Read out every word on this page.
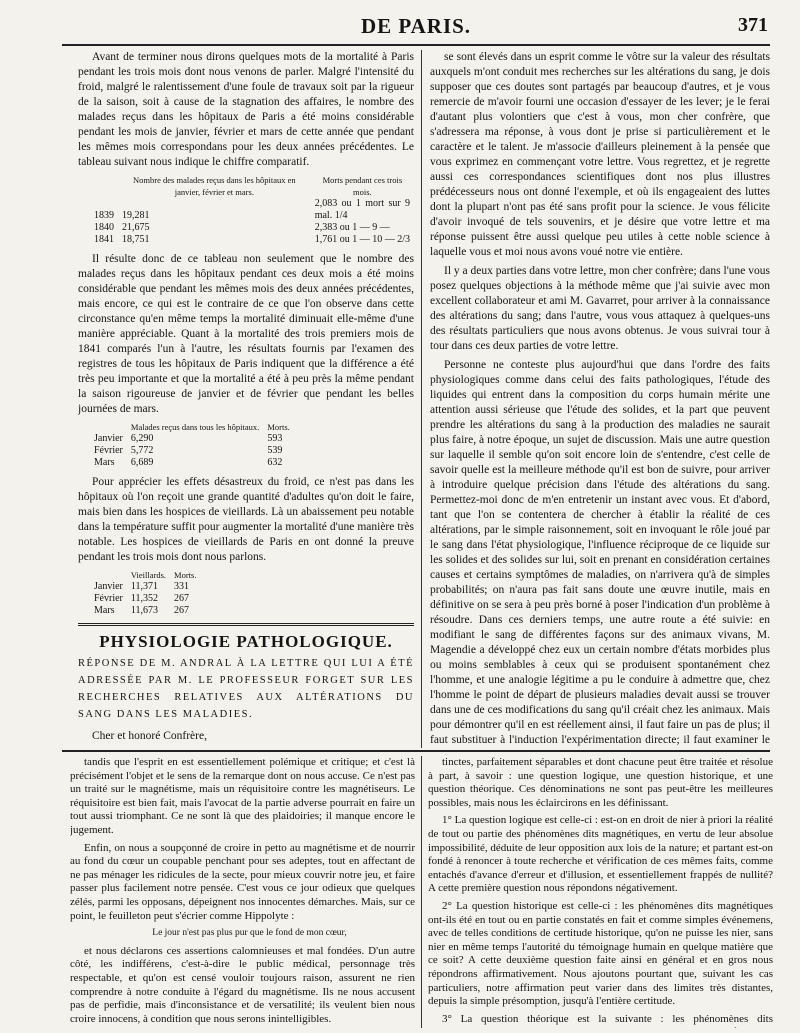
DE PARIS.	371

Avant de terminer nous dirons quelques mots de la mortalité à Paris pendant les trois mois dont nous venons de parler. Malgré l'intensité du froid, malgré le ralentissement d'une foule de travaux soit par la rigueur de la saison, soit à cause de la stagnation des affaires, le nombre des malades reçus dans les hôpitaux de Paris a été moins considérable pendant les mois de janvier, février et mars de cette année que pendant les mêmes mois correspondans pour les deux années précédentes. Le tableau suivant nous indique le chiffre comparatif.

	Nombre des malades reçus dans les hôpitaux en janvier, février et mars.	Morts pendant ces trois mois.
1839	19,281	2,083 ou 1 mort sur 9 mal. 1/4
1840	21,675	2,383 ou 1 — 9 —
1841	18,751	1,761 ou 1 — 10 — 2/3

Il résulte donc de ce tableau non seulement que le nombre des malades reçus dans les hôpitaux pendant ces deux mois a été moins considérable que pendant les mêmes mois des deux années précédentes, mais encore, ce qui est le contraire de ce que l'on observe dans cette circonstance qu'en même temps la mortalité diminuait elle-même d'une manière appréciable. Quant à la mortalité des trois premiers mois de 1841 comparés l'un à l'autre, les résultats fournis par l'examen des registres de tous les hôpitaux de Paris indiquent que la différence a été très peu importante et que la mortalité a été à peu près la même pendant la saison rigoureuse de janvier et de février que pendant les belles journées de mars.

	Malades reçus dans tous les hôpitaux.	Morts.
Janvier	6,290	593
Février	5,772	539
Mars	6,689	632

Pour apprécier les effets désastreux du froid, ce n'est pas dans les hôpitaux où l'on reçoit une grande quantité d'adultes qu'on doit le faire, mais bien dans les hospices de vieillards. Là un abaissement peu notable dans la température suffit pour augmenter la mortalité d'une manière très notable. Les hospices de vieillards de Paris en ont donné la preuve pendant les trois mois dont nous parlons.

	Vieillards.	Morts.
Janvier	11,371	331
Février	11,352	267
Mars	11,673	267
PHYSIOLOGIE PATHOLOGIQUE.
RÉPONSE DE M. ANDRAL À LA LETTRE QUI LUI A ÉTÉ ADRESSÉE PAR M. LE PROFESSEUR FORGET SUR LES RECHERCHES RELATIVES AUX ALTÉRATIONS DU SANG DANS LES MALADIES.

Cher et honoré Confrère,

se sont élevés dans un esprit comme le vôtre sur la valeur des résultats auxquels m'ont conduit mes recherches sur les altérations du sang, je dois supposer que ces doutes sont partagés par beaucoup d'autres, et je vous remercie de m'avoir fourni une occasion d'essayer de les lever; je le ferai d'autant plus volontiers que c'est à vous, mon cher confrère, que s'adressera ma réponse, à vous dont je prise si particulièrement et le caractère et le talent. Je m'associe d'ailleurs pleinement à la pensée que vous exprimez en commençant votre lettre. Vous regrettez, et je regrette aussi ces correspondances scientifiques dont nos plus illustres prédécesseurs nous ont donné l'exemple, et où ils engageaient des luttes dont la plupart n'ont pas été sans profit pour la science. Je vous félicite d'avoir invoqué de tels souvenirs, et je désire que votre lettre et ma réponse puissent être aussi quelque peu utiles à cette noble science à laquelle vous et moi nous avons voué notre vie entière.

Il y a deux parties dans votre lettre, mon cher confrère; dans l'une vous posez quelques objections à la méthode même que j'ai suivie avec mon excellent collaborateur et ami M. Gavarret, pour arriver à la connaissance des altérations du sang; dans l'autre, vous vous attaquez à quelques-uns des résultats particuliers que nous avons obtenus. Je vous suivrai tour à tour dans ces deux parties de votre lettre.

Personne ne conteste plus aujourd'hui que dans l'ordre des faits physiologiques comme dans celui des faits pathologiques, l'étude des liquides qui entrent dans la composition du corps humain mérite une attention aussi sérieuse que l'étude des solides, et la part que peuvent prendre les altérations du sang à la production des maladies ne saurait plus faire, à notre époque, un sujet de discussion. Mais une autre question sur laquelle il semble qu'on soit encore loin de s'entendre, c'est celle de savoir quelle est la meilleure méthode qu'il est bon de suivre, pour arriver à introduire quelque précision dans l'étude des altérations du sang. Permettez-moi donc de m'en entretenir un instant avec vous. Et d'abord, tant que l'on se contentera de chercher à établir la réalité de ces altérations, par le simple raisonnement, soit en invoquant le rôle joué par le sang dans l'état physiologique, l'influence réciproque de ce liquide sur les solides et des solides sur lui, soit en prenant en considération certaines causes et certains symptômes de maladies, on n'arrivera qu'à de simples probabilités; on n'aura pas fait sans doute une œuvre inutile, mais en définitive on se sera à peu près borné à poser l'indication d'un problème à résoudre. Dans ces derniers temps, une autre route a été suivie: en modifiant le sang de différentes façons sur des animaux vivans, M. Magendie a développé chez eux un certain nombre d'états morbides plus ou moins semblables à ceux qui se produisent spontanément chez l'homme, et une analogie légitime a pu le conduire à admettre que, chez l'homme le point de départ de plusieurs maladies devait aussi se trouver dans une de ces modifications du sang qu'il créait chez les animaux. Mais pour démontrer qu'il en est réellement ainsi, il faut faire un pas de plus; il faut substituer à l'induction l'expérimentation directe; il faut examiner le

tandis que l'esprit en est essentiellement polémique et critique; et c'est là précisément l'objet et le sens de la remarque dont on nous accuse. Ce n'est pas un traité sur le magnétisme, mais un réquisitoire contre les magnétiseurs. Le réquisitoire est bien fait, mais l'avocat de la partie adverse pourrait en faire un tout aussi triomphant. Ce ne sont là que des plaidoiries; il manque encore le jugement.

Enfin, on nous a soupçonné de croire in petto au magnétisme et de nourrir au fond du cœur un coupable penchant pour ses adeptes, tout en affectant de ne pas ménager les ridicules de la secte, pour mieux couvrir notre jeu, et faire passer plus facilement notre pensée. C'est vous ce jour odieux que quelques zélés, parmi les opposans, dépeignent nos innocentes démarches. Mais, sur ce point, le feuilleton peut s'écrier comme Hippolyte :

Le jour n'est pas plus pur que le fond de mon cœur,

et nous déclarons ces assertions calomnieuses et mal fondées. D'un autre côté, les indifférens, c'est-à-dire le public médical, personnage très respectable, et qu'on est censé vouloir toujours raison, assurent ne rien comprendre à notre conduite à l'égard du magnétisme. Ils ne nous accusent pas de perfidie, mais d'inconsistance et de versatilité; ils veulent bien nous croire innocens, à condition que nous serons inintelligibles.

tinctes, parfaitement séparables et dont chacune peut être traitée et résolue à part, à savoir : une question logique, une question historique, et une question théorique. Ces dénominations ne sont pas peut-être les meilleures possibles, mais nous les éclaircirons en les définissant.

1° La question logique est celle-ci : est-on en droit de nier à priori la réalité de tout ou partie des phénomènes dits magnétiques, en vertu de leur absolue impossibilité, déduite de leur opposition aux lois de la nature; et partant est-on fondé à renoncer à toute recherche et vérification de ces mêmes faits, comme entachés d'avance d'erreur et d'illusion, et essentiellement frappés de nullité? A cette première question nous répondons négativement.

2° La question historique est celle-ci : les phénomènes dits magnétiques ont-ils été en tout ou en partie constatés en fait et comme simples événemens, avec de telles conditions de certitude historique, qu'on ne puisse les nier, sans nier en même temps l'autorité du témoignage humain en quelque matière que ce soit? A cette deuxième question faite ainsi en général et en gros nous répondrons affirmativement. Nous ajoutons pourtant que, suivant les cas particuliers, notre affirmation peut varier dans des limites très distantes, depuis la simple présomption, jusqu'à l'entière certitude.

3° La question théorique est la suivante : les phénomènes dits
